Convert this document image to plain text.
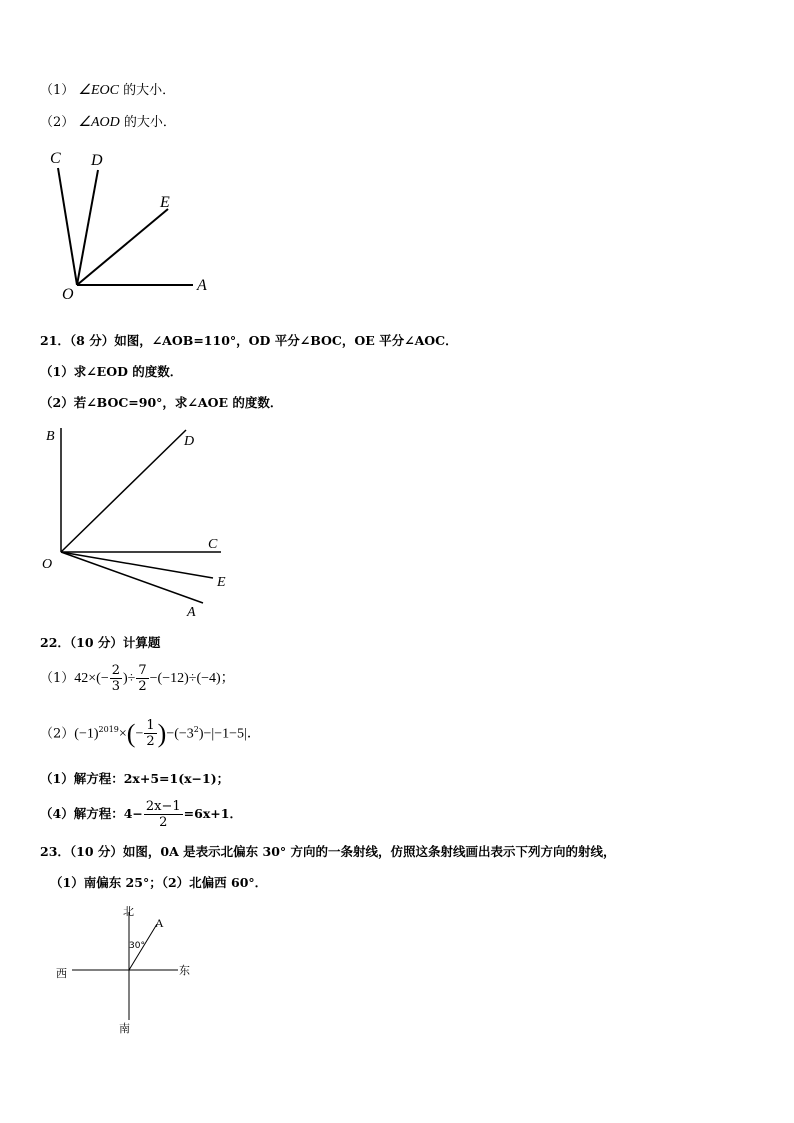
（1） ∠EOC 的大小．
（2） ∠AOD 的大小．
C D
E
O
A
21．（8 分）如图，∠AOB=110°，OD 平分∠BOC，OE 平分∠AOC．
（1）求∠EOD 的度数．
（2）若∠BOC=90°，求∠AOE 的度数．
B	D
C
O
E
A
22．（10 分）计算题
$(1)42\times(- \frac{2}{3}$ )÷ $\frac{7}{2} -(-12)\div(-4)$；
$(2)(-1)^{2019}\times(- \frac{1}{2} )-(-3^2)-|-1-5|$．
（1）解方程：2x+5=1(x−1)；
（4）解方程：$4- \frac{2x-1}{2} =6x+1$．
23．（10 分）如图，0A 是表示北偏东 30° 方向的一条射线，仿照这条射线画出表示下列方向的射线，
（1）南偏东 25°；（2）北偏西 60°．
北
南
东
西
A
30°
